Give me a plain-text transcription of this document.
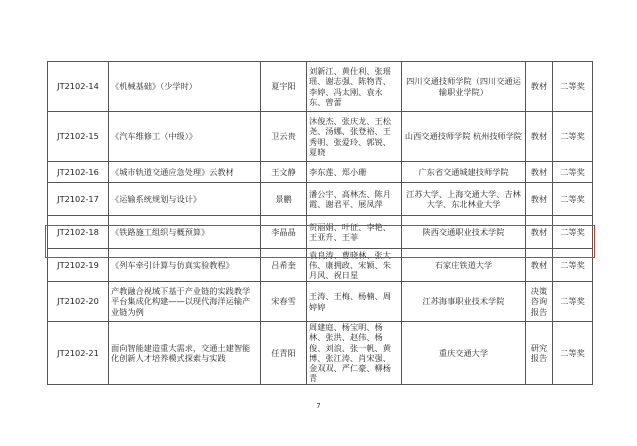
JT2102-14	《机械基础》（少学时）	夏宇阳	刘新江、黄仕利、张瑶瑶、谢志强、陈物青、李婷、冯太刚、袁永东、曾蕾	四川交通技师学院（四川交通运输职业学院）	教材	二等奖
JT2102-15	《汽车维修工（中级）》	卫云贵	沐俊杰、张庆龙、王松尧、汤娜、张登裕、王秀明、张爱玲、郭锐、夏晓	山西交通技师学院 杭州技师学院	教材	二等奖
JT2102-16	《城市轨道交通应急处理》云教材	王文静	李东莲、郑小珊	广东省交通城建技师学院	教材	二等奖
JT2102-17	《运输系统规划与设计》	景鹏	潘公宇、高林杰、陈月霞、谢君平、展凤萍	江苏大学、上海交通大学、吉林大学、东北林业大学	教材	二等奖
JT2102-18	《铁路施工组织与概预算》	李晶晶	贺丽娟、叶征、李艳、王亚升、王菲	陕西交通职业技术学院	教材	二等奖
JT2102-19	《列车牵引计算与仿真实验教程》	吕希奎	袁良涛、曹晓林、张大伟、康拥政、宋颖、朱月风、祝日星	石家庄铁道大学	教材	二等奖
JT2102-20	产教融合视域下基于产业链的实践教学平台集成化构建——以现代海洋运输产业链为例	宋春雪	王涛、王梅、杨楠、周婷婷	江苏海事职业技术学院	决策咨询报告	二等奖
JT2102-21	面向智能建造重大需求，交通土建智能化创新人才培养模式探索与实践	任青阳	周建庭、杨宝明、杨林、张洪、赵伟、杨俊、刘浪、张一帆、黄博、张江涛、肖宋强、金双双、严仁豪、柳杨青	重庆交通大学	研究报告	二等奖
7
